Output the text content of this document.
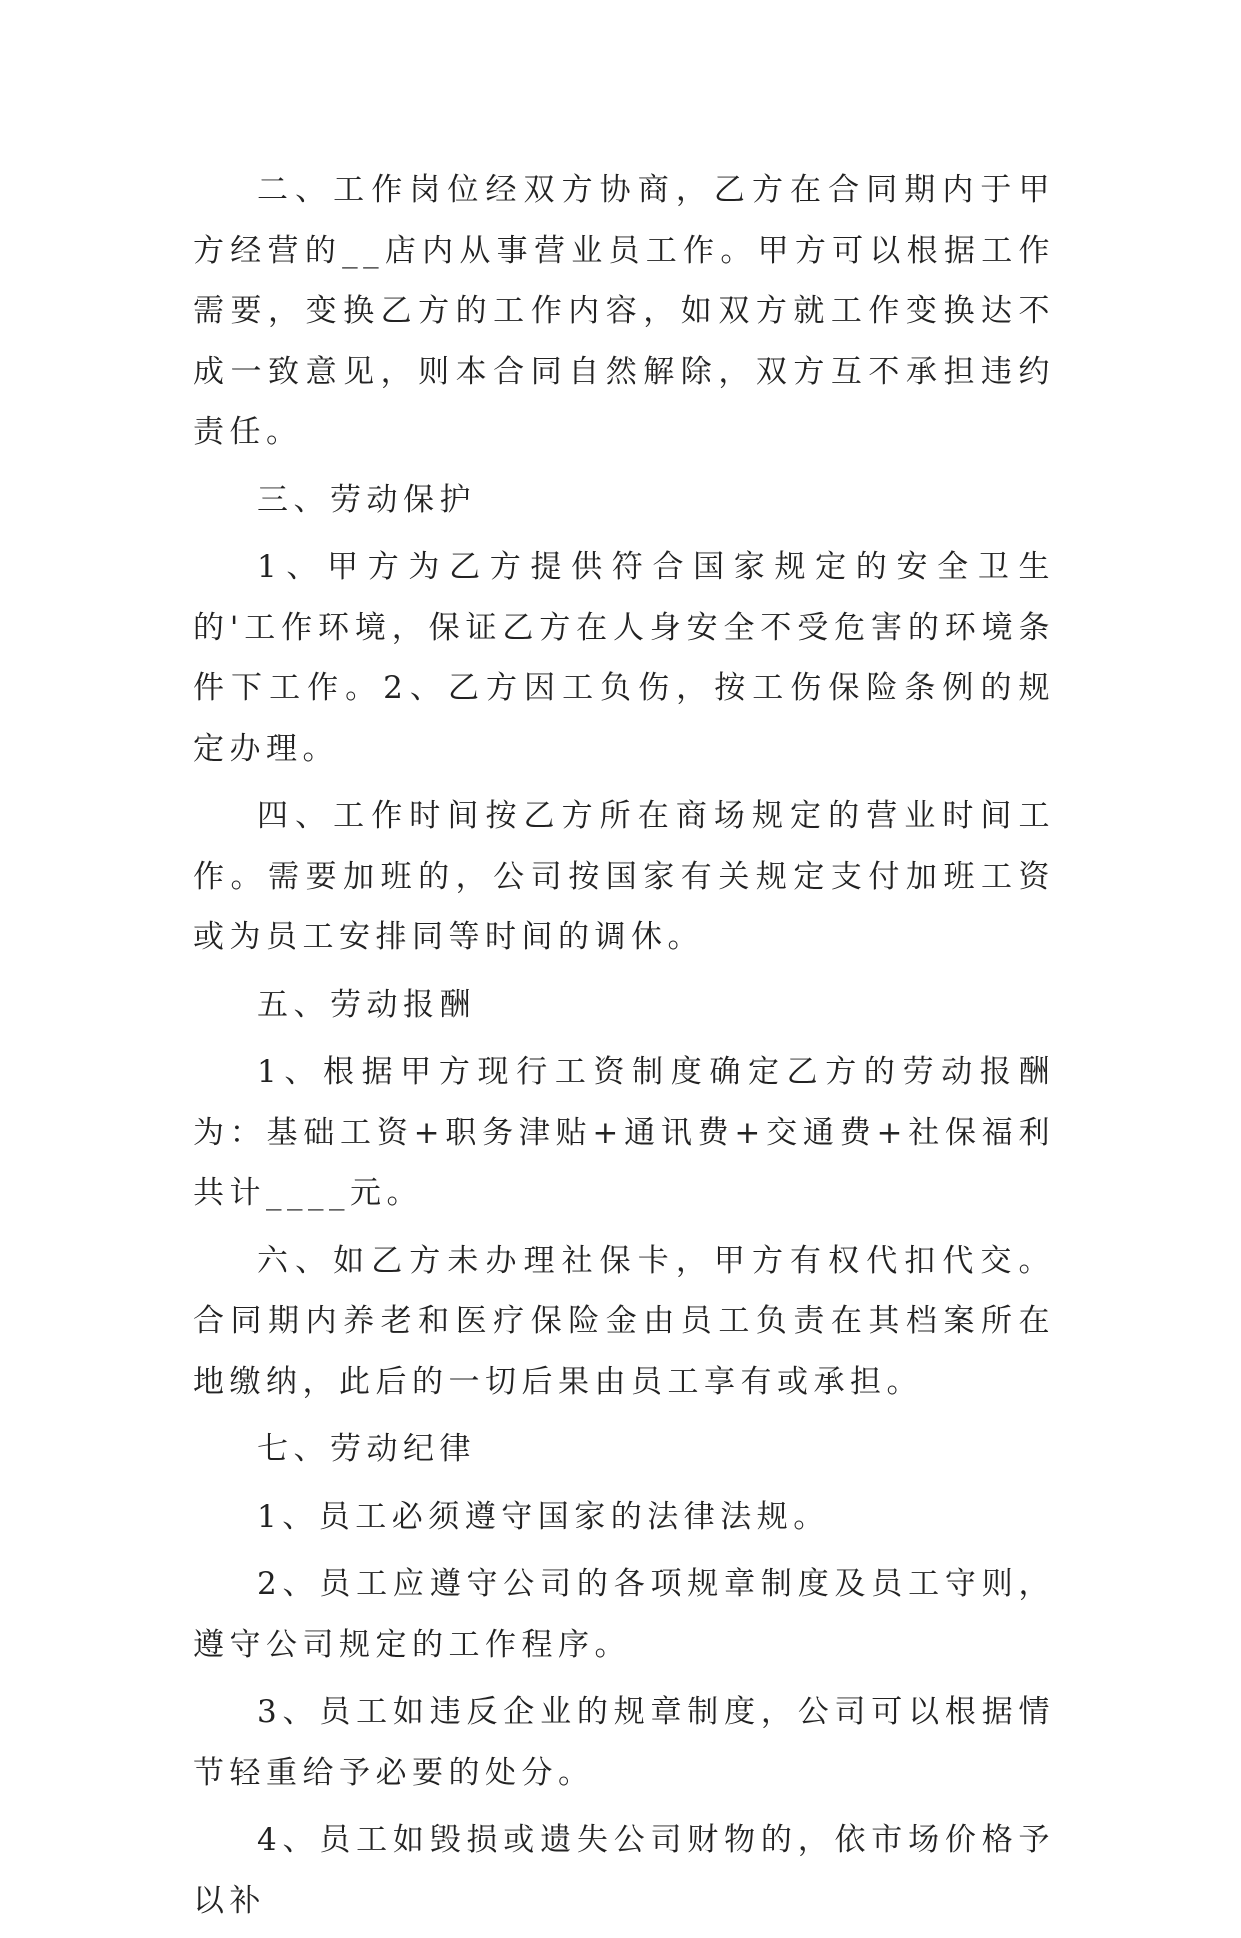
二、工作岗位经双方协商，乙方在合同期内于甲方经营的__店内从事营业员工作。甲方可以根据工作需要，变换乙方的工作内容，如双方就工作变换达不成一致意见，则本合同自然解除，双方互不承担违约责任。

三、劳动保护

1、甲方为乙方提供符合国家规定的安全卫生的'工作环境，保证乙方在人身安全不受危害的环境条件下工作。2、乙方因工负伤，按工伤保险条例的规定办理。

四、工作时间按乙方所在商场规定的营业时间工作。需要加班的，公司按国家有关规定支付加班工资或为员工安排同等时间的调休。

五、劳动报酬

1、根据甲方现行工资制度确定乙方的劳动报酬为：基础工资+职务津贴+通讯费+交通费+社保福利共计____元。

六、如乙方未办理社保卡，甲方有权代扣代交。合同期内养老和医疗保险金由员工负责在其档案所在地缴纳，此后的一切后果由员工享有或承担。

七、劳动纪律

1、员工必须遵守国家的法律法规。

2、员工应遵守公司的各项规章制度及员工守则，遵守公司规定的工作程序。

3、员工如违反企业的规章制度，公司可以根据情节轻重给予必要的处分。

4、员工如毁损或遗失公司财物的，依市场价格予以补
